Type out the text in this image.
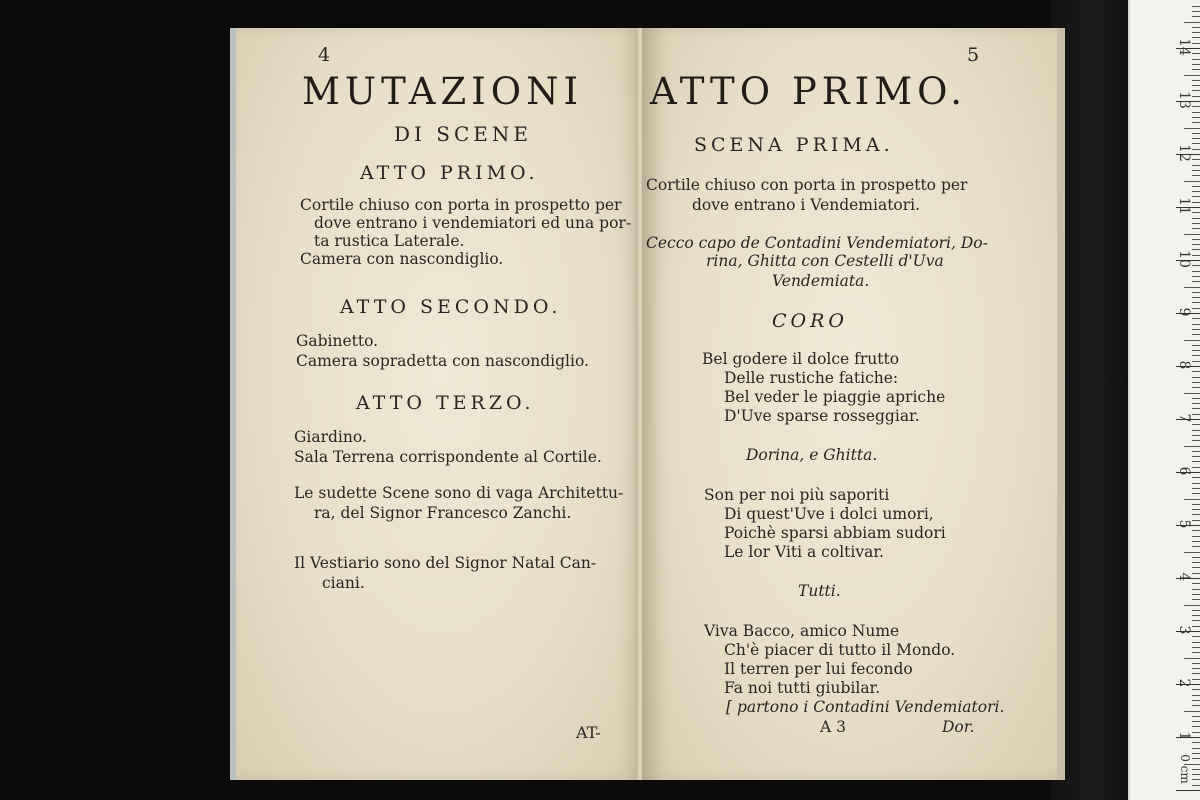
4
MUTAZIONI
DI SCENE
ATTO PRIMO.
Cortile chiuso con porta in prospetto per
dove entrano i vendemiatori ed una por-
ta rustica Laterale.
Camera con nascondiglio.
ATTO SECONDO.
Gabinetto.
Camera sopradetta con nascondiglio.
ATTO TERZO.
Giardino.
Sala Terrena corrispondente al Cortile.
Le sudette Scene sono di vaga Architettu-
ra, del Signor Francesco Zanchi.
Il Vestiario sono del Signor Natal Can-
ciani.
AT-
5
ATTO PRIMO.
SCENA PRIMA.
Cortile chiuso con porta in prospetto per
dove entrano i Vendemiatori.
Cecco capo de Contadini Vendemiatori, Do-
rina, Ghitta con Cestelli d'Uva
Vendemiata.
CORO
Bel godere il dolce frutto
Delle rustiche fatiche:
Bel veder le piaggie apriche
D'Uve sparse rosseggiar.
Dorina, e Ghitta.
Son per noi più saporiti
Di quest'Uve i dolci umori,
Poichè sparsi abbiam sudori
Le lor Viti a coltivar.
Tutti.
Viva Bacco, amico Nume
Ch'è piacer di tutto il Mondo.
Il terren per lui fecondo
Fa noi tutti giubilar.
[ partono i Contadini Vendemiatori.
A 3	Dor.	1
2
3
4
5
6
7
8
9
10
11
12
13
14
0 cm
